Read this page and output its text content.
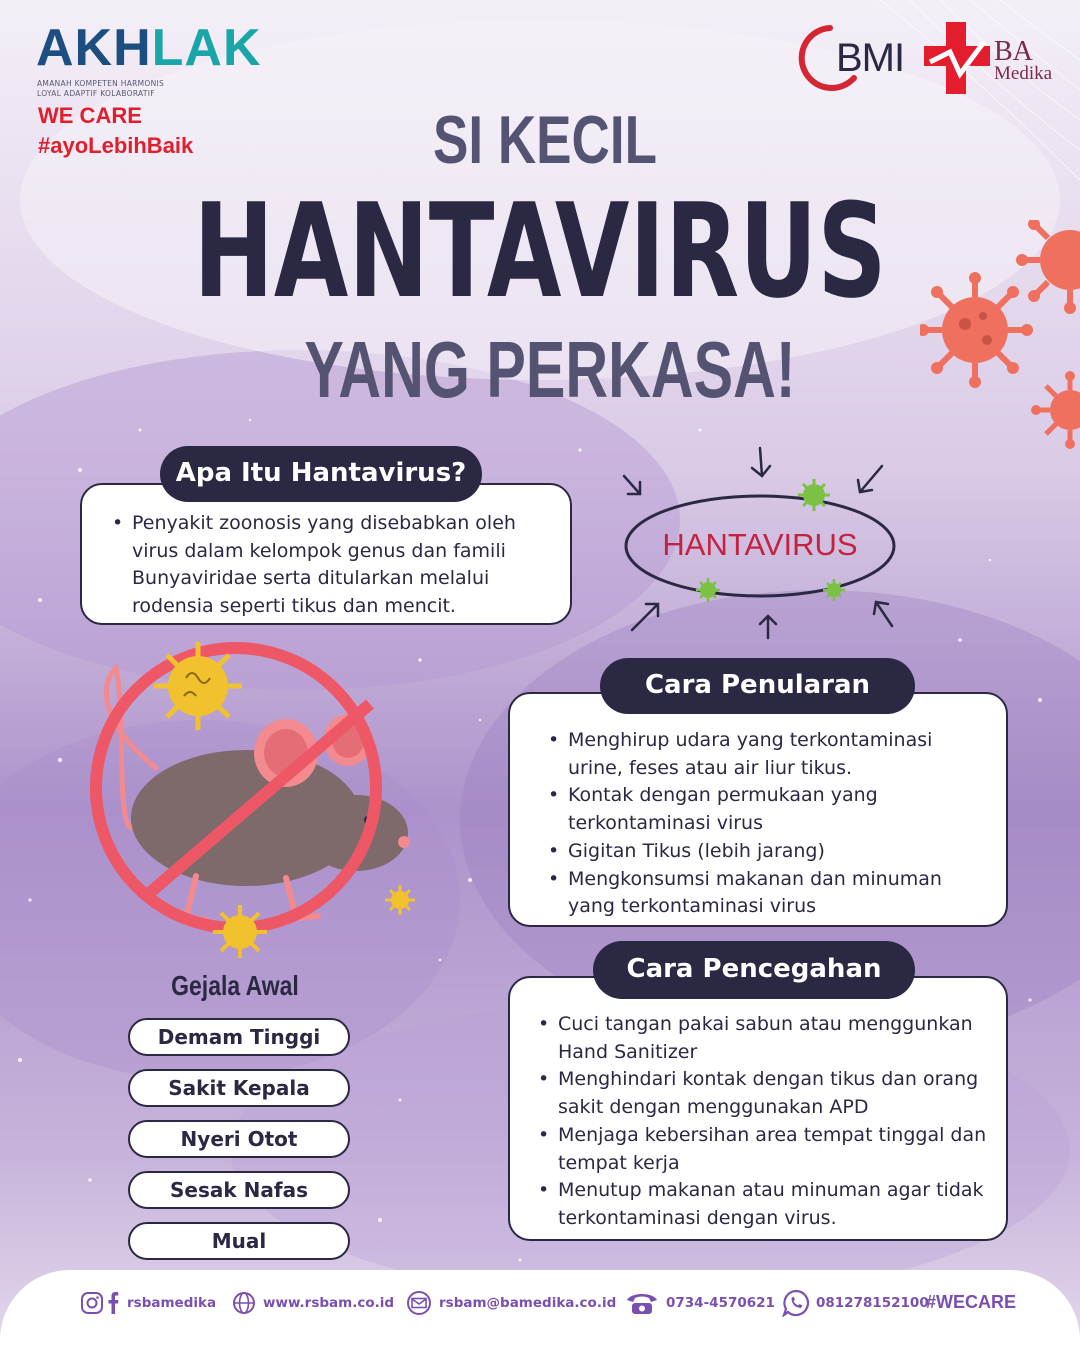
AKHLAK
AMANAH KOMPETEN HARMONIS
LOYAL ADAPTIF KOLABORATIF
WE CARE
#ayoLebihBaik
BMI	BA
Medika
SI KECIL
HANTAVIRUS
YANG PERKASA!
• Penyakit zoonosis yang disebabkan oleh virus dalam kelompok genus dan famili Bunyaviridae serta ditularkan melalui rodensia seperti tikus dan mencit.
Apa Itu Hantavirus?
HANTAVIRUS
• Menghirup udara yang terkontaminasi urine, feses atau air liur tikus.
• Kontak dengan permukaan yang terkontaminasi virus
• Gigitan Tikus (lebih jarang)
• Mengkonsumsi makanan dan minuman yang terkontaminasi virus
Cara Penularan
• Cuci tangan pakai sabun atau menggunkan Hand Sanitizer
• Menghindari kontak dengan tikus dan orang sakit dengan menggunakan APD
• Menjaga kebersihan area tempat tinggal dan tempat kerja
• Menutup makanan atau minuman agar tidak terkontaminasi dengan virus.
Cara Pencegahan
Gejala Awal
Demam Tinggi
Sakit Kepala
Nyeri Otot
Sesak Nafas
Mual
rsbamedika	www.rsbam.co.id	rsbam@bamedika.co.id	0734-4570621	081278152100
#WECARE
